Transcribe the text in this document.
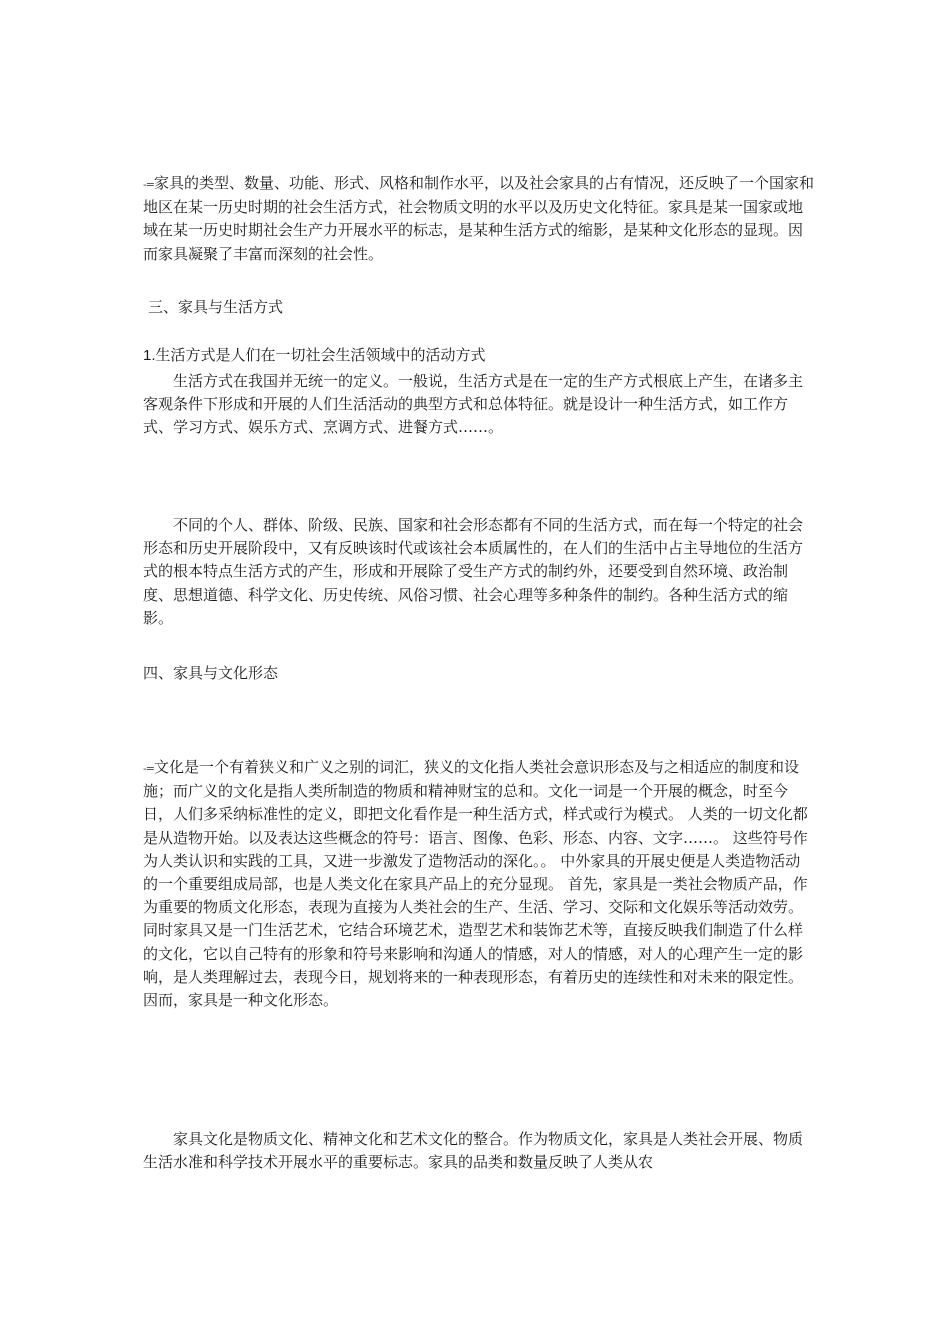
-=家具的类型、数量、功能、形式、风格和制作水平，以及社会家具的占有情况，还反映了一个国家和地区在某一历史时期的社会生活方式，社会物质文明的水平以及历史文化特征。家具是某一国家或地域在某一历史时期社会生产力开展水平的标志，是某种生活方式的缩影，是某种文化形态的显现。因而家具凝聚了丰富而深刻的社会性。
三、家具与生活方式
1.生活方式是人们在一切社会生活领域中的活动方式
生活方式在我国并无统一的定义。一般说，生活方式是在一定的生产方式根底上产生，在诸多主客观条件下形成和开展的人们生活活动的典型方式和总体特征。就是设计一种生活方式，如工作方式、学习方式、娱乐方式、烹调方式、进餐方式……。
不同的个人、群体、阶级、民族、国家和社会形态都有不同的生活方式，而在每一个特定的社会形态和历史开展阶段中，又有反映该时代或该社会本质属性的，在人们的生活中占主导地位的生活方式的根本特点生活方式的产生，形成和开展除了受生产方式的制约外，还要受到自然环境、政治制度、思想道德、科学文化、历史传统、风俗习惯、社会心理等多种条件的制约。各种生活方式的缩影。
四、家具与文化形态
-=文化是一个有着狭义和广义之别的词汇，狭义的文化指人类社会意识形态及与之相适应的制度和设施；而广义的文化是指人类所制造的物质和精神财宝的总和。文化一词是一个开展的概念，时至今日，人们多采纳标准性的定义，即把文化看作是一种生活方式，样式或行为模式。 人类的一切文化都是从造物开始。以及表达这些概念的符号：语言、图像、色彩、形态、内容、文字……。 这些符号作为人类认识和实践的工具，又进一步激发了造物活动的深化。。 中外家具的开展史便是人类造物活动的一个重要组成局部，也是人类文化在家具产品上的充分显现。 首先，家具是一类社会物质产品，作为重要的物质文化形态，表现为直接为人类社会的生产、生活、学习、交际和文化娱乐等活动效劳。同时家具又是一门生活艺术，它结合环境艺术，造型艺术和装饰艺术等，直接反映我们制造了什么样的文化，它以自己特有的形象和符号来影响和沟通人的情感，对人的情感，对人的心理产生一定的影响，是人类理解过去，表现今日，规划将来的一种表现形态，有着历史的连续性和对未来的限定性。因而，家具是一种文化形态。
家具文化是物质文化、精神文化和艺术文化的整合。作为物质文化，家具是人类社会开展、物质生活水准和科学技术开展水平的重要标志。家具的品类和数量反映了人类从农
